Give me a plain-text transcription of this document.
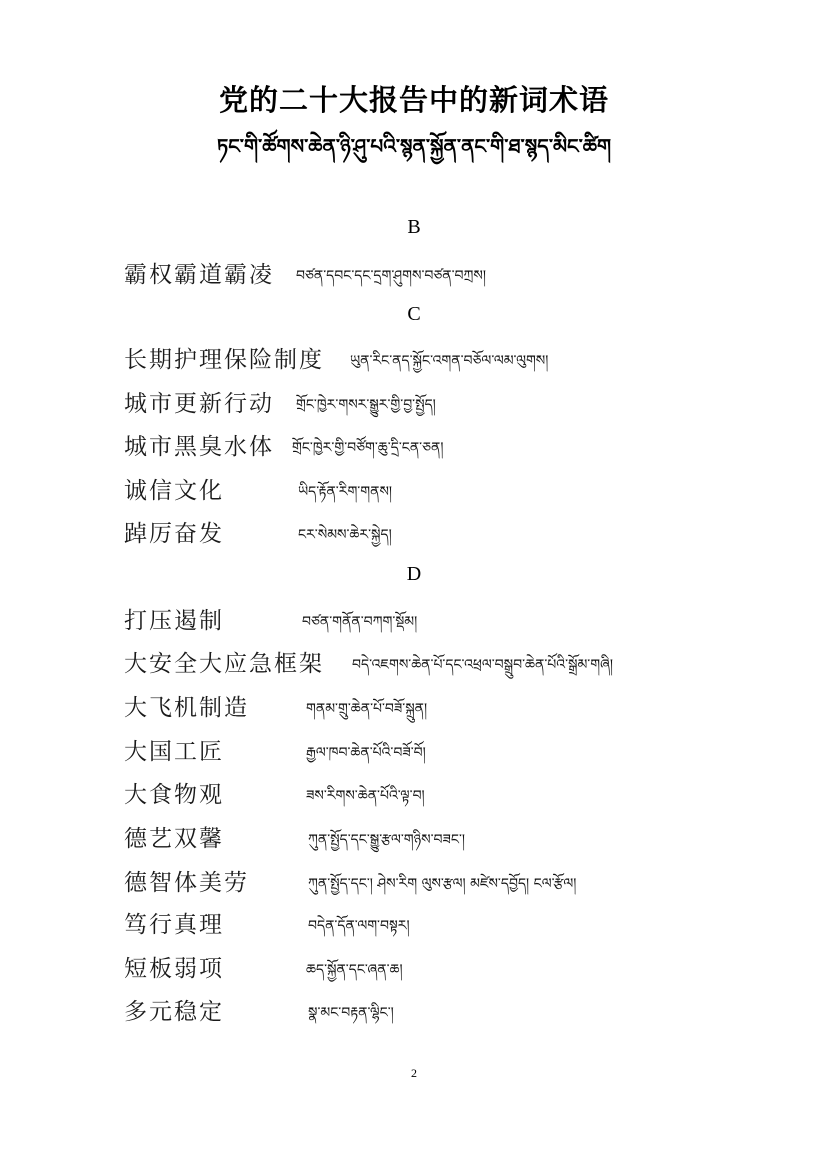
党的二十大报告中的新词术语
ཏང་གི་ཚོགས་ཆེན་ཉི་ཤུ་པའི་སྙན་སྐྱོན་ནང་གི་ཐ་སྙད་མིང་ཚིག
B
霸权霸道霸凌 བཙན་དབང་དང་དྲག་ཤུགས་བཙན་བཀྲས།
C
长期护理保险制度 ཡུན་རིང་ནད་སྐྱོང་འགན་བཅོལ་ལམ་ལུགས།
城市更新行动 གྲོང་ཁྱེར་གསར་སྒྱུར་གྱི་བྱ་སྤྱོད།
城市黑臭水体 གྲོང་ཁྱེར་གྱི་བཙོག་ཆུ་དྲི་ངན་ཅན།
诚信文化	ཡིད་རྟོན་རིག་གནས།
踔厉奋发	ངར་སེམས་ཆེར་སྐྱེད།
D
打压遏制	བཙན་གནོན་བཀག་སྡོམ།
大安全大应急框架 བདེ་འཇགས་ཆེན་པོ་དང་འཕྲལ་བསྒྲུབ་ཆེན་པོའི་སྒྲོམ་གཞི།
大飞机制造	གནམ་གྲུ་ཆེན་པོ་བཟོ་སྐྲུན།
大国工匠	རྒྱལ་ཁབ་ཆེན་པོའི་བཟོ་བོ།
大食物观	ཟས་རིགས་ཆེན་པོའི་ལྟ་བ།
德艺双馨	ཀུན་སྤྱོད་དང་སྒྱུ་རྩལ་གཉིས་བཟང་།
德智体美劳	ཀུན་སྤྱོད་དང་། ཤེས་རིག ལུས་རྩལ། མཛེས་དབྱོད། ངལ་རྩོལ།
笃行真理	བདེན་དོན་ལག་བསྟར།
短板弱项	ཆད་སྐྱོན་དང་ཞན་ཆ།
多元稳定	སྣ་མང་བརྟན་ལྷིང་།
2
